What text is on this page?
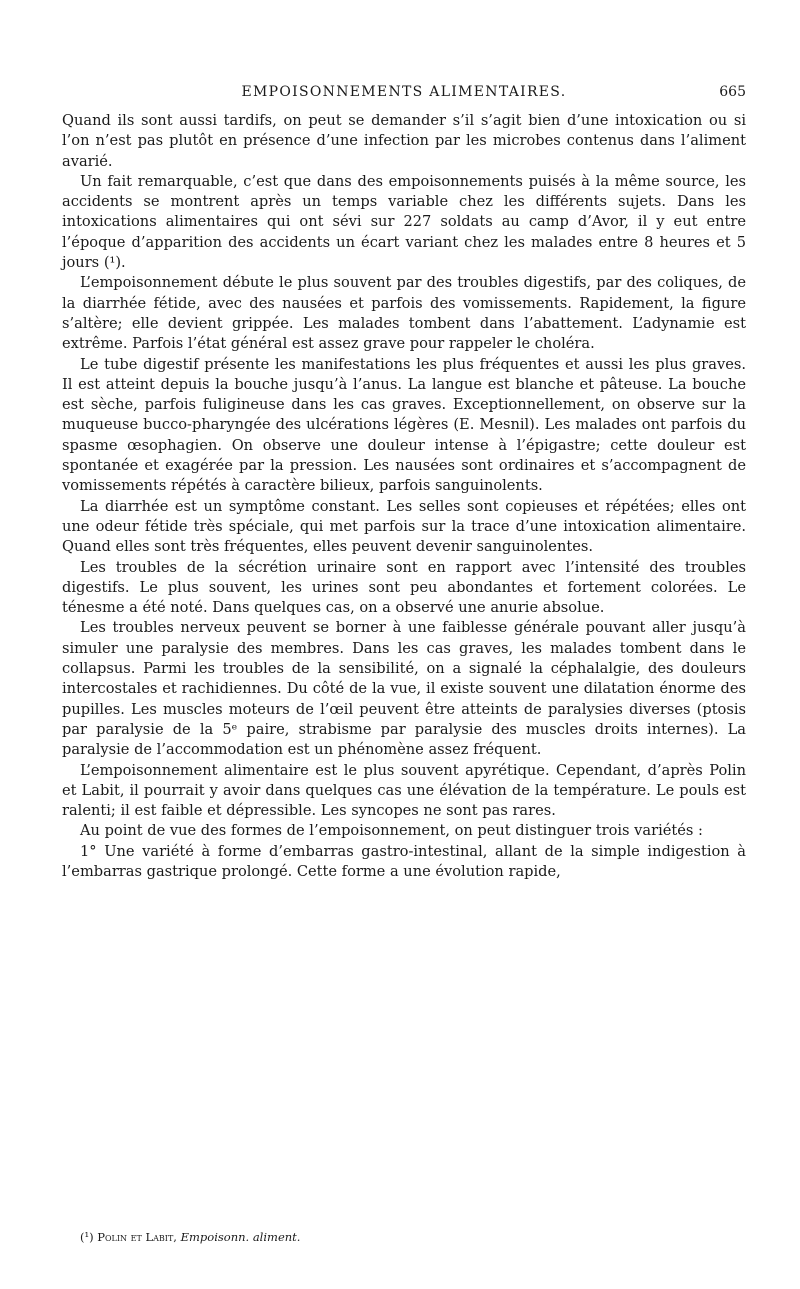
EMPOISONNEMENTS ALIMENTAIRES.	665

Quand ils sont aussi tardifs, on peut se demander s’il s’agit bien d’une intoxication ou si l’on n’est pas plutôt en présence d’une infection par les microbes contenus dans l’aliment avarié.

Un fait remarquable, c’est que dans des empoisonnements puisés à la même source, les accidents se montrent après un temps variable chez les différents sujets. Dans les intoxications alimentaires qui ont sévi sur 227 soldats au camp d’Avor, il y eut entre l’époque d’apparition des accidents un écart variant chez les malades entre 8 heures et 5 jours (¹).

L’empoisonnement débute le plus souvent par des troubles digestifs, par des coliques, de la diarrhée fétide, avec des nausées et parfois des vomissements. Rapidement, la figure s’altère; elle devient grippée. Les malades tombent dans l’abattement. L’adynamie est extrême. Parfois l’état général est assez grave pour rappeler le choléra.

Le tube digestif présente les manifestations les plus fréquentes et aussi les plus graves. Il est atteint depuis la bouche jusqu’à l’anus. La langue est blanche et pâteuse. La bouche est sèche, parfois fuligineuse dans les cas graves. Exceptionnellement, on observe sur la muqueuse bucco-pharyngée des ulcérations légères (E. Mesnil). Les malades ont parfois du spasme œsophagien. On observe une douleur intense à l’épigastre; cette douleur est spontanée et exagérée par la pression. Les nausées sont ordinaires et s’accompagnent de vomissements répétés à caractère bilieux, parfois sanguinolents.

La diarrhée est un symptôme constant. Les selles sont copieuses et répétées; elles ont une odeur fétide très spéciale, qui met parfois sur la trace d’une intoxication alimentaire. Quand elles sont très fréquentes, elles peuvent devenir sanguinolentes.

Les troubles de la sécrétion urinaire sont en rapport avec l’intensité des troubles digestifs. Le plus souvent, les urines sont peu abondantes et fortement colorées. Le ténesme a été noté. Dans quelques cas, on a observé une anurie absolue.

Les troubles nerveux peuvent se borner à une faiblesse générale pouvant aller jusqu’à simuler une paralysie des membres. Dans les cas graves, les malades tombent dans le collapsus. Parmi les troubles de la sensibilité, on a signalé la céphalalgie, des douleurs intercostales et rachidiennes. Du côté de la vue, il existe souvent une dilatation énorme des pupilles. Les muscles moteurs de l’œil peuvent être atteints de paralysies diverses (ptosis par paralysie de la 5ᵉ paire, strabisme par paralysie des muscles droits internes). La paralysie de l’accommodation est un phénomène assez fréquent.

L’empoisonnement alimentaire est le plus souvent apyrétique. Cependant, d’après Polin et Labit, il pourrait y avoir dans quelques cas une élévation de la température. Le pouls est ralenti; il est faible et dépressible. Les syncopes ne sont pas rares.

Au point de vue des formes de l’empoisonnement, on peut distinguer trois variétés :

1° Une variété à forme d’embarras gastro-intestinal, allant de la simple indigestion à l’embarras gastrique prolongé. Cette forme a une évolution rapide,

(¹) Polin et Labit, Empoisonn. aliment.
